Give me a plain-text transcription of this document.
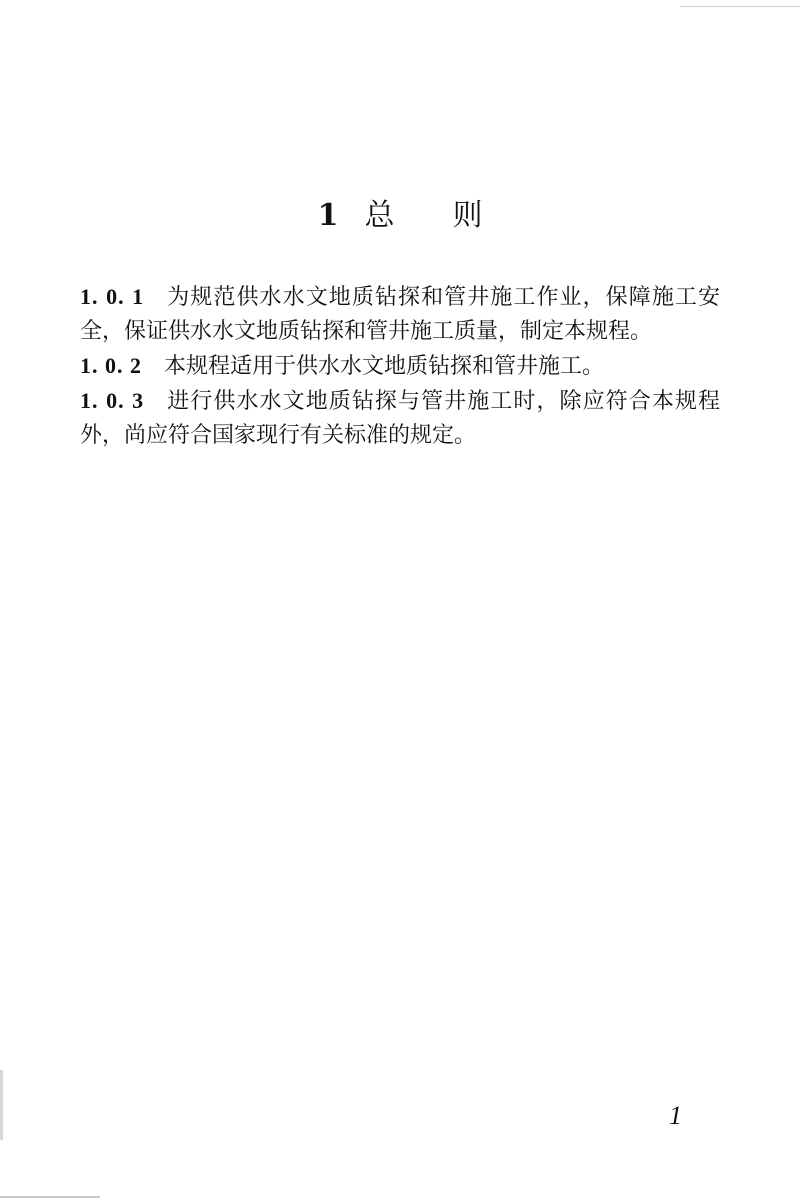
1 总 则

1. 0. 1 为规范供水水文地质钻探和管井施工作业，保障施工安全，保证供水水文地质钻探和管井施工质量，制定本规程。

1. 0. 2 本规程适用于供水水文地质钻探和管井施工。

1. 0. 3 进行供水水文地质钻探与管井施工时，除应符合本规程外，尚应符合国家现行有关标准的规定。

1
